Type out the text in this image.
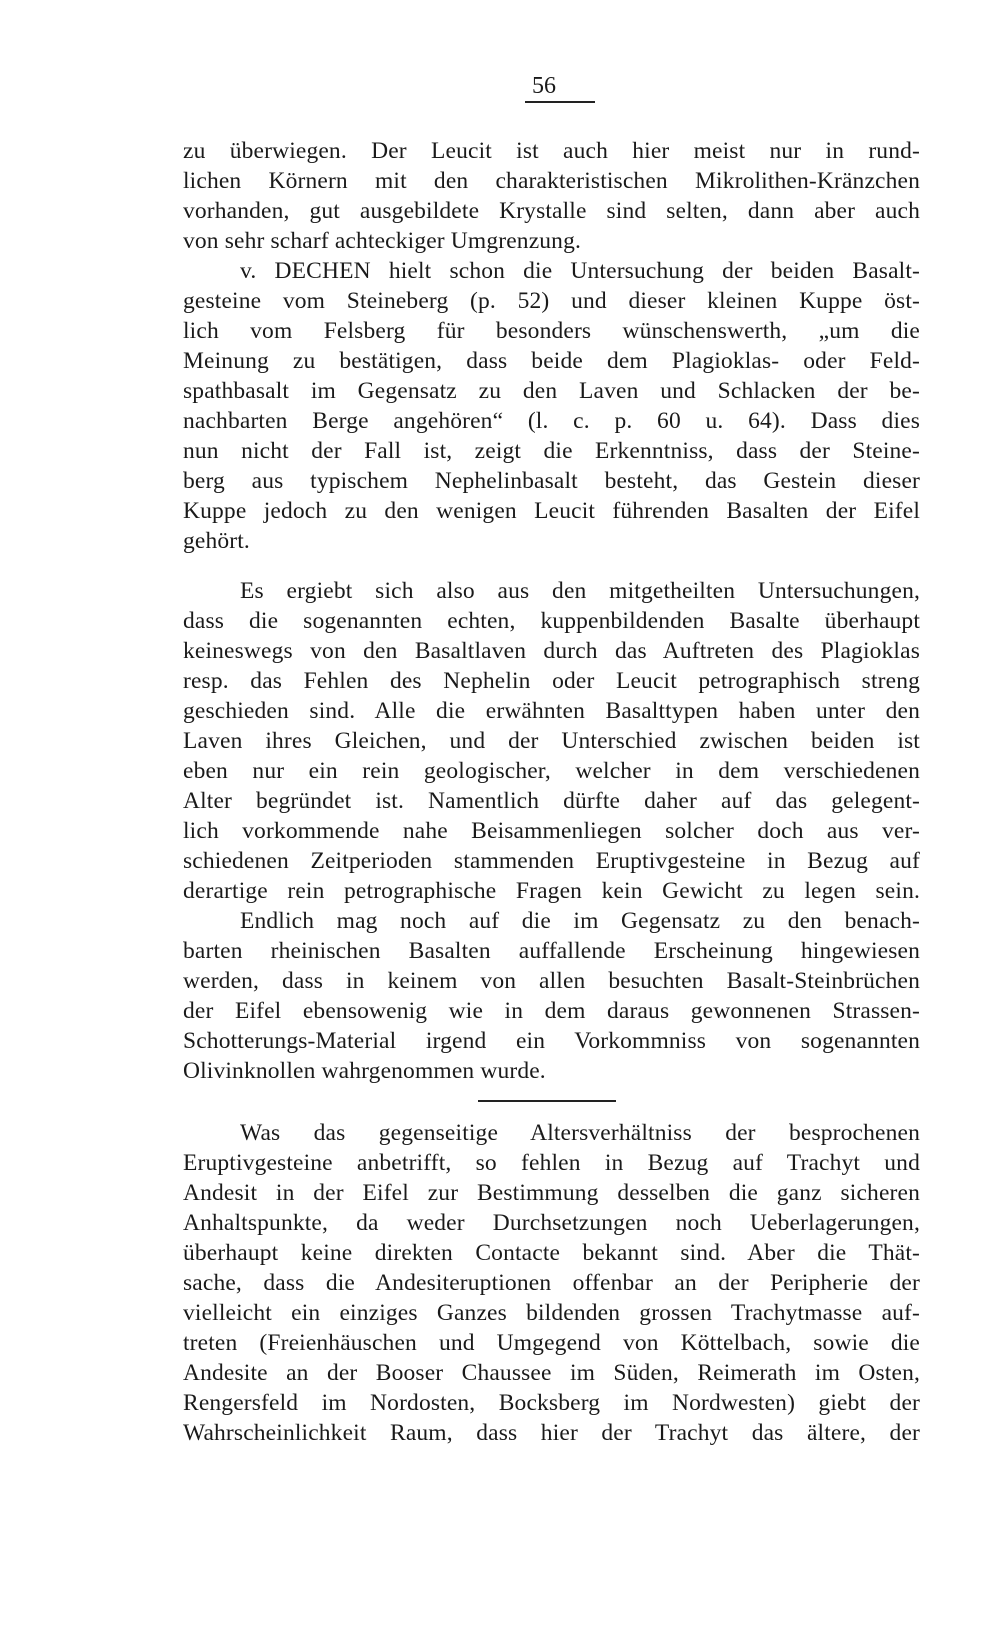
56
zu überwiegen. Der Leucit ist auch hier meist nur in rund-
lichen Körnern mit den charakteristischen Mikrolithen-Kränzchen
vorhanden, gut ausgebildete Krystalle sind selten, dann aber auch
von sehr scharf achteckiger Umgrenzung.
v. DECHEN hielt schon die Untersuchung der beiden Basalt-
gesteine vom Steineberg (p. 52) und dieser kleinen Kuppe öst-
lich vom Felsberg für besonders wünschenswerth, „um die
Meinung zu bestätigen, dass beide dem Plagioklas- oder Feld-
spathbasalt im Gegensatz zu den Laven und Schlacken der be-
nachbarten Berge angehören“ (l. c. p. 60 u. 64). Dass dies
nun nicht der Fall ist, zeigt die Erkenntniss, dass der Steine-
berg aus typischem Nephelinbasalt besteht, das Gestein dieser
Kuppe jedoch zu den wenigen Leucit führenden Basalten der Eifel
gehört.
Es ergiebt sich also aus den mitgetheilten Untersuchungen,
dass die sogenannten echten, kuppenbildenden Basalte überhaupt
keineswegs von den Basaltlaven durch das Auftreten des Plagioklas
resp. das Fehlen des Nephelin oder Leucit petrographisch streng
geschieden sind. Alle die erwähnten Basalttypen haben unter den
Laven ihres Gleichen, und der Unterschied zwischen beiden ist
eben nur ein rein geologischer, welcher in dem verschiedenen
Alter begründet ist. Namentlich dürfte daher auf das gelegent-
lich vorkommende nahe Beisammenliegen solcher doch aus ver-
schiedenen Zeitperioden stammenden Eruptivgesteine in Bezug auf
derartige rein petrographische Fragen kein Gewicht zu legen sein.
Endlich mag noch auf die im Gegensatz zu den benach-
barten rheinischen Basalten auffallende Erscheinung hingewiesen
werden, dass in keinem von allen besuchten Basalt-Steinbrüchen
der Eifel ebensowenig wie in dem daraus gewonnenen Strassen-
Schotterungs-Material irgend ein Vorkommniss von sogenannten
Olivinknollen wahrgenommen wurde.
Was das gegenseitige Altersverhältniss der besprochenen
Eruptivgesteine anbetrifft, so fehlen in Bezug auf Trachyt und
Andesit in der Eifel zur Bestimmung desselben die ganz sicheren
Anhaltspunkte, da weder Durchsetzungen noch Ueberlagerungen,
überhaupt keine direkten Contacte bekannt sind. Aber die Thät-
sache, dass die Andesiteruptionen offenbar an der Peripherie der
vielleicht ein einziges Ganzes bildenden grossen Trachytmasse auf-
treten (Freienhäuschen und Umgegend von Köttelbach, sowie die
Andesite an der Booser Chaussee im Süden, Reimerath im Osten,
Rengersfeld im Nordosten, Bocksberg im Nordwesten) giebt der
Wahrscheinlichkeit Raum, dass hier der Trachyt das ältere, der
